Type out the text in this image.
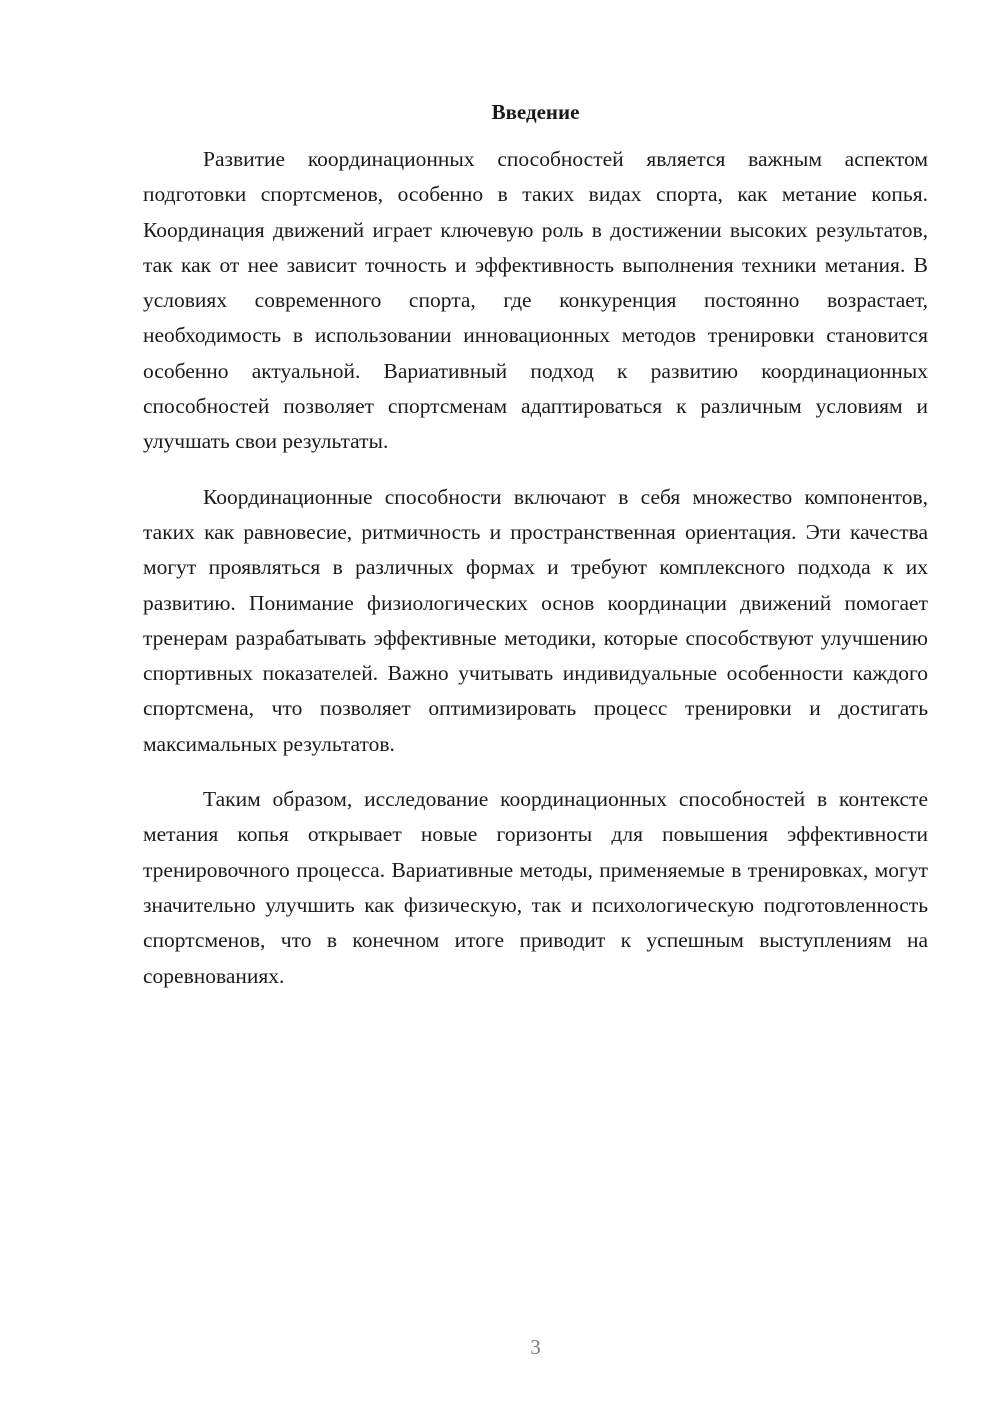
Введение

Развитие координационных способностей является важным аспектом подготовки спортсменов, особенно в таких видах спорта, как метание копья. Координация движений играет ключевую роль в достижении высоких результатов, так как от нее зависит точность и эффективность выполнения техники метания. В условиях современного спорта, где конкуренция постоянно возрастает, необходимость в использовании инновационных методов тренировки становится особенно актуальной. Вариативный подход к развитию координационных способностей позволяет спортсменам адаптироваться к различным условиям и улучшать свои результаты.

Координационные способности включают в себя множество компонентов, таких как равновесие, ритмичность и пространственная ориентация. Эти качества могут проявляться в различных формах и требуют комплексного подхода к их развитию. Понимание физиологических основ координации движений помогает тренерам разрабатывать эффективные методики, которые способствуют улучшению спортивных показателей. Важно учитывать индивидуальные особенности каждого спортсмена, что позволяет оптимизировать процесс тренировки и достигать максимальных результатов.

Таким образом, исследование координационных способностей в контексте метания копья открывает новые горизонты для повышения эффективности тренировочного процесса. Вариативные методы, применяемые в тренировках, могут значительно улучшить как физическую, так и психологическую подготовленность спортсменов, что в конечном итоге приводит к успешным выступлениям на соревнованиях.

3
